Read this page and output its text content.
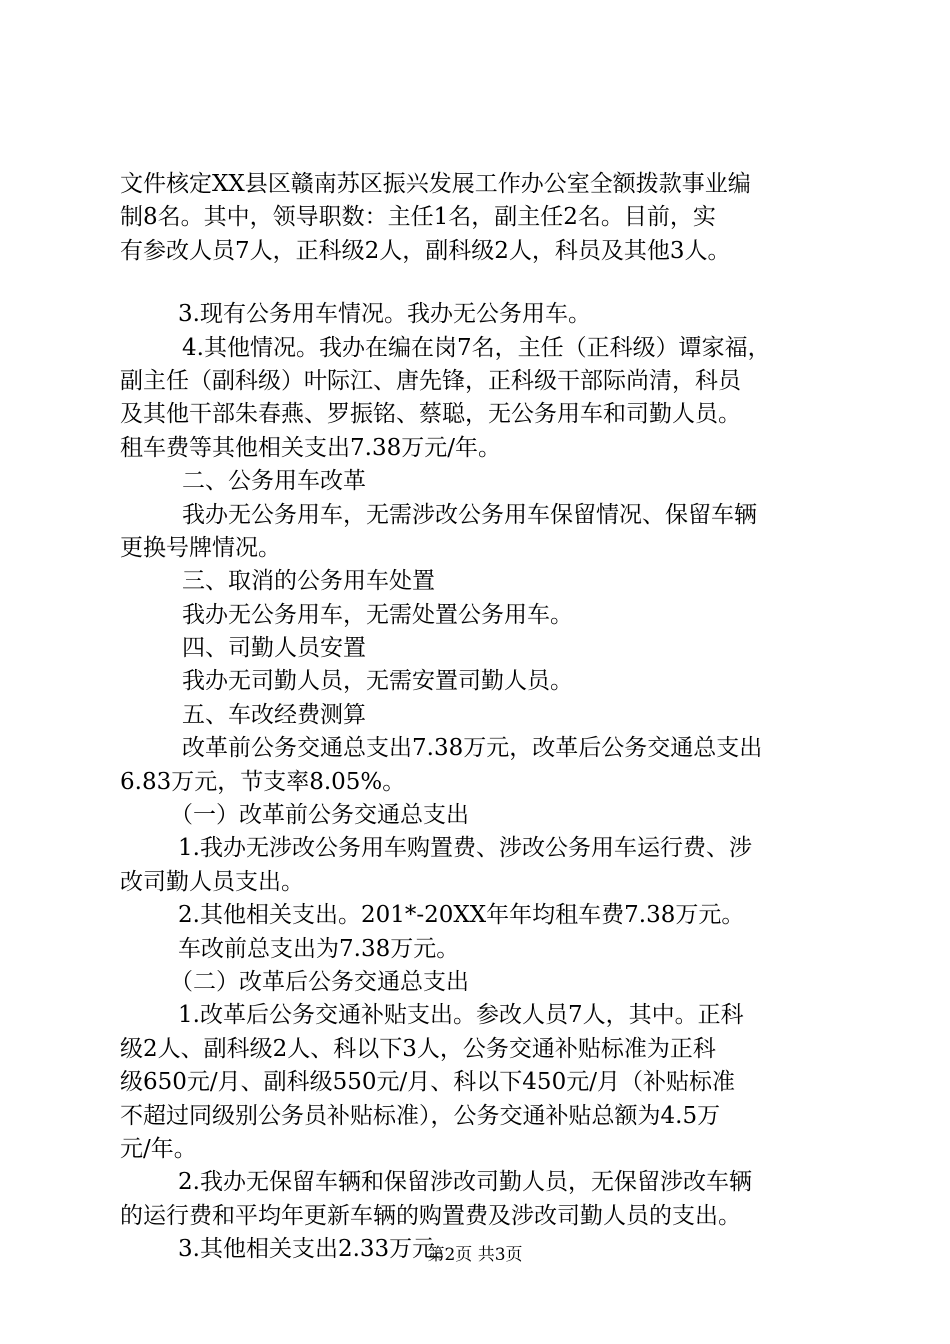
文件核定XX县区赣南苏区振兴发展工作办公室全额拨款事业编
制8名。其中，领导职数：主任1名，副主任2名。目前，实
有参改人员7人，正科级2人，副科级2人，科员及其他3人。
3.现有公务用车情况。我办无公务用车。
4.其他情况。我办在编在岗7名，主任（正科级）谭家福，
副主任（副科级）叶际江、唐先锋，正科级干部际尚清，科员
及其他干部朱春燕、罗振铭、蔡聪，无公务用车和司勤人员。
租车费等其他相关支出7.38万元/年。
二、公务用车改革
我办无公务用车，无需涉改公务用车保留情况、保留车辆
更换号牌情况。
三、取消的公务用车处置
我办无公务用车，无需处置公务用车。
四、司勤人员安置
我办无司勤人员，无需安置司勤人员。
五、车改经费测算
改革前公务交通总支出7.38万元，改革后公务交通总支出
6.83万元，节支率8.05%。
（一）改革前公务交通总支出
1.我办无涉改公务用车购置费、涉改公务用车运行费、涉
改司勤人员支出。
2.其他相关支出。201*-20XX年年均租车费7.38万元。
车改前总支出为7.38万元。
（二）改革后公务交通总支出
1.改革后公务交通补贴支出。参改人员7人，其中。正科
级2人、副科级2人、科以下3人，公务交通补贴标准为正科
级650元/月、副科级550元/月、科以下450元/月（补贴标准
不超过同级别公务员补贴标准），公务交通补贴总额为4.5万
元/年。
2.我办无保留车辆和保留涉改司勤人员，无保留涉改车辆
的运行费和平均年更新车辆的购置费及涉改司勤人员的支出。
3.其他相关支出2.33万元。
第2页 共3页
